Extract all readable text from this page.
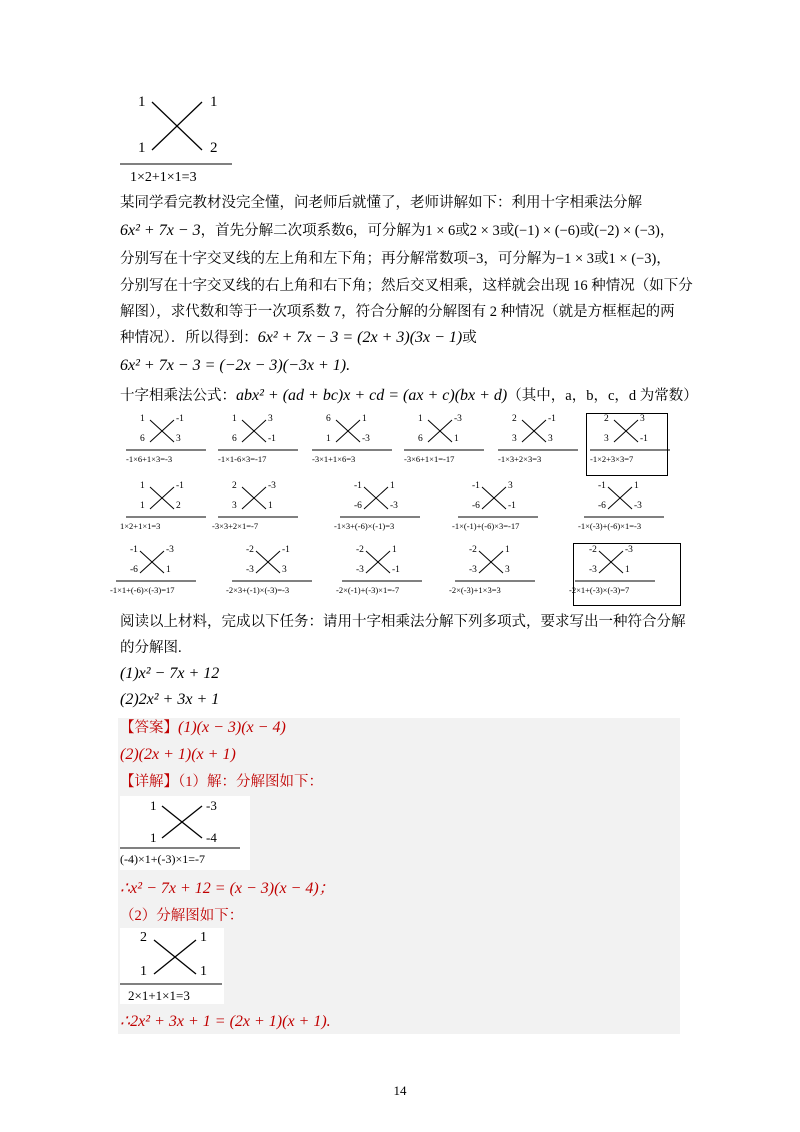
1	1
1	2
1×2+1×1=3
某同学看完教材没完全懂，问老师后就懂了，老师讲解如下：利用十字相乘法分解
6x² + 7x − 3，首先分解二次项系数6，可分解为1 × 6或2 × 3或(−1) × (−6)或(−2) × (−3)，
分别写在十字交叉线的左上角和左下角；再分解常数项−3，可分解为−1 × 3或1 × (−3)，
分别写在十字交叉线的右上角和右下角；然后交叉相乘，这样就会出现 16 种情况（如下分
解图），求代数和等于一次项系数 7，符合分解的分解图有 2 种情况（就是方框框起的两
种情况）．所以得到：6x² + 7x − 3 = (2x + 3)(3x − 1)或
6x² + 7x − 3 = (−2x − 3)(−3x + 1).
十字相乘法公式：abx² + (ad + bc)x + cd = (ax + c)(bx + d)（其中，a，b，c，d 为常数）
1	-1
6	3
-1×6+1×3=-3
1	3
6	-1
-1×1-6×3=-17
6	1
1	-3
-3×1+1×6=3
1	-3
6	1
-3×6+1×1=-17
2	-1
3	3
-1×3+2×3=3
2	3
3	-1
-1×2+3×3=7
1	-1
1	2
1×2+1×1=3
2	-3
3	1
-3×3+2×1=-7
-1	1
-6	-3
-1×3+(-6)×(-1)=3
-1	3
-6	-1
-1×(-1)+(-6)×3=-17
-1	1
-6	-3
-1×(-3)+(-6)×1=-3
-1	-3
-6	1
-1×1+(-6)×(-3)=17
-2	-1
-3	3
-2×3+(-1)×(-3)=-3
-2	1
-3	-1
-2×(-1)+(-3)×1=-7
-2	1
-3	3
-2×(-3)+1×3=3
-2	-3
-3	1
-2×1+(-3)×(-3)=7
阅读以上材料，完成以下任务：请用十字相乘法分解下列多项式，要求写出一种符合分解
的分解图.
(1)x² − 7x + 12
(2)2x² + 3x + 1
【答案】(1)(x − 3)(x − 4)
(2)(2x + 1)(x + 1)
【详解】（1）解：分解图如下：
1	-3
1	-4
(-4)×1+(-3)×1=-7
∴x² − 7x + 12 = (x − 3)(x − 4)；
（2）分解图如下：
2	1
1	1
2×1+1×1=3
∴2x² + 3x + 1 = (2x + 1)(x + 1).
14
